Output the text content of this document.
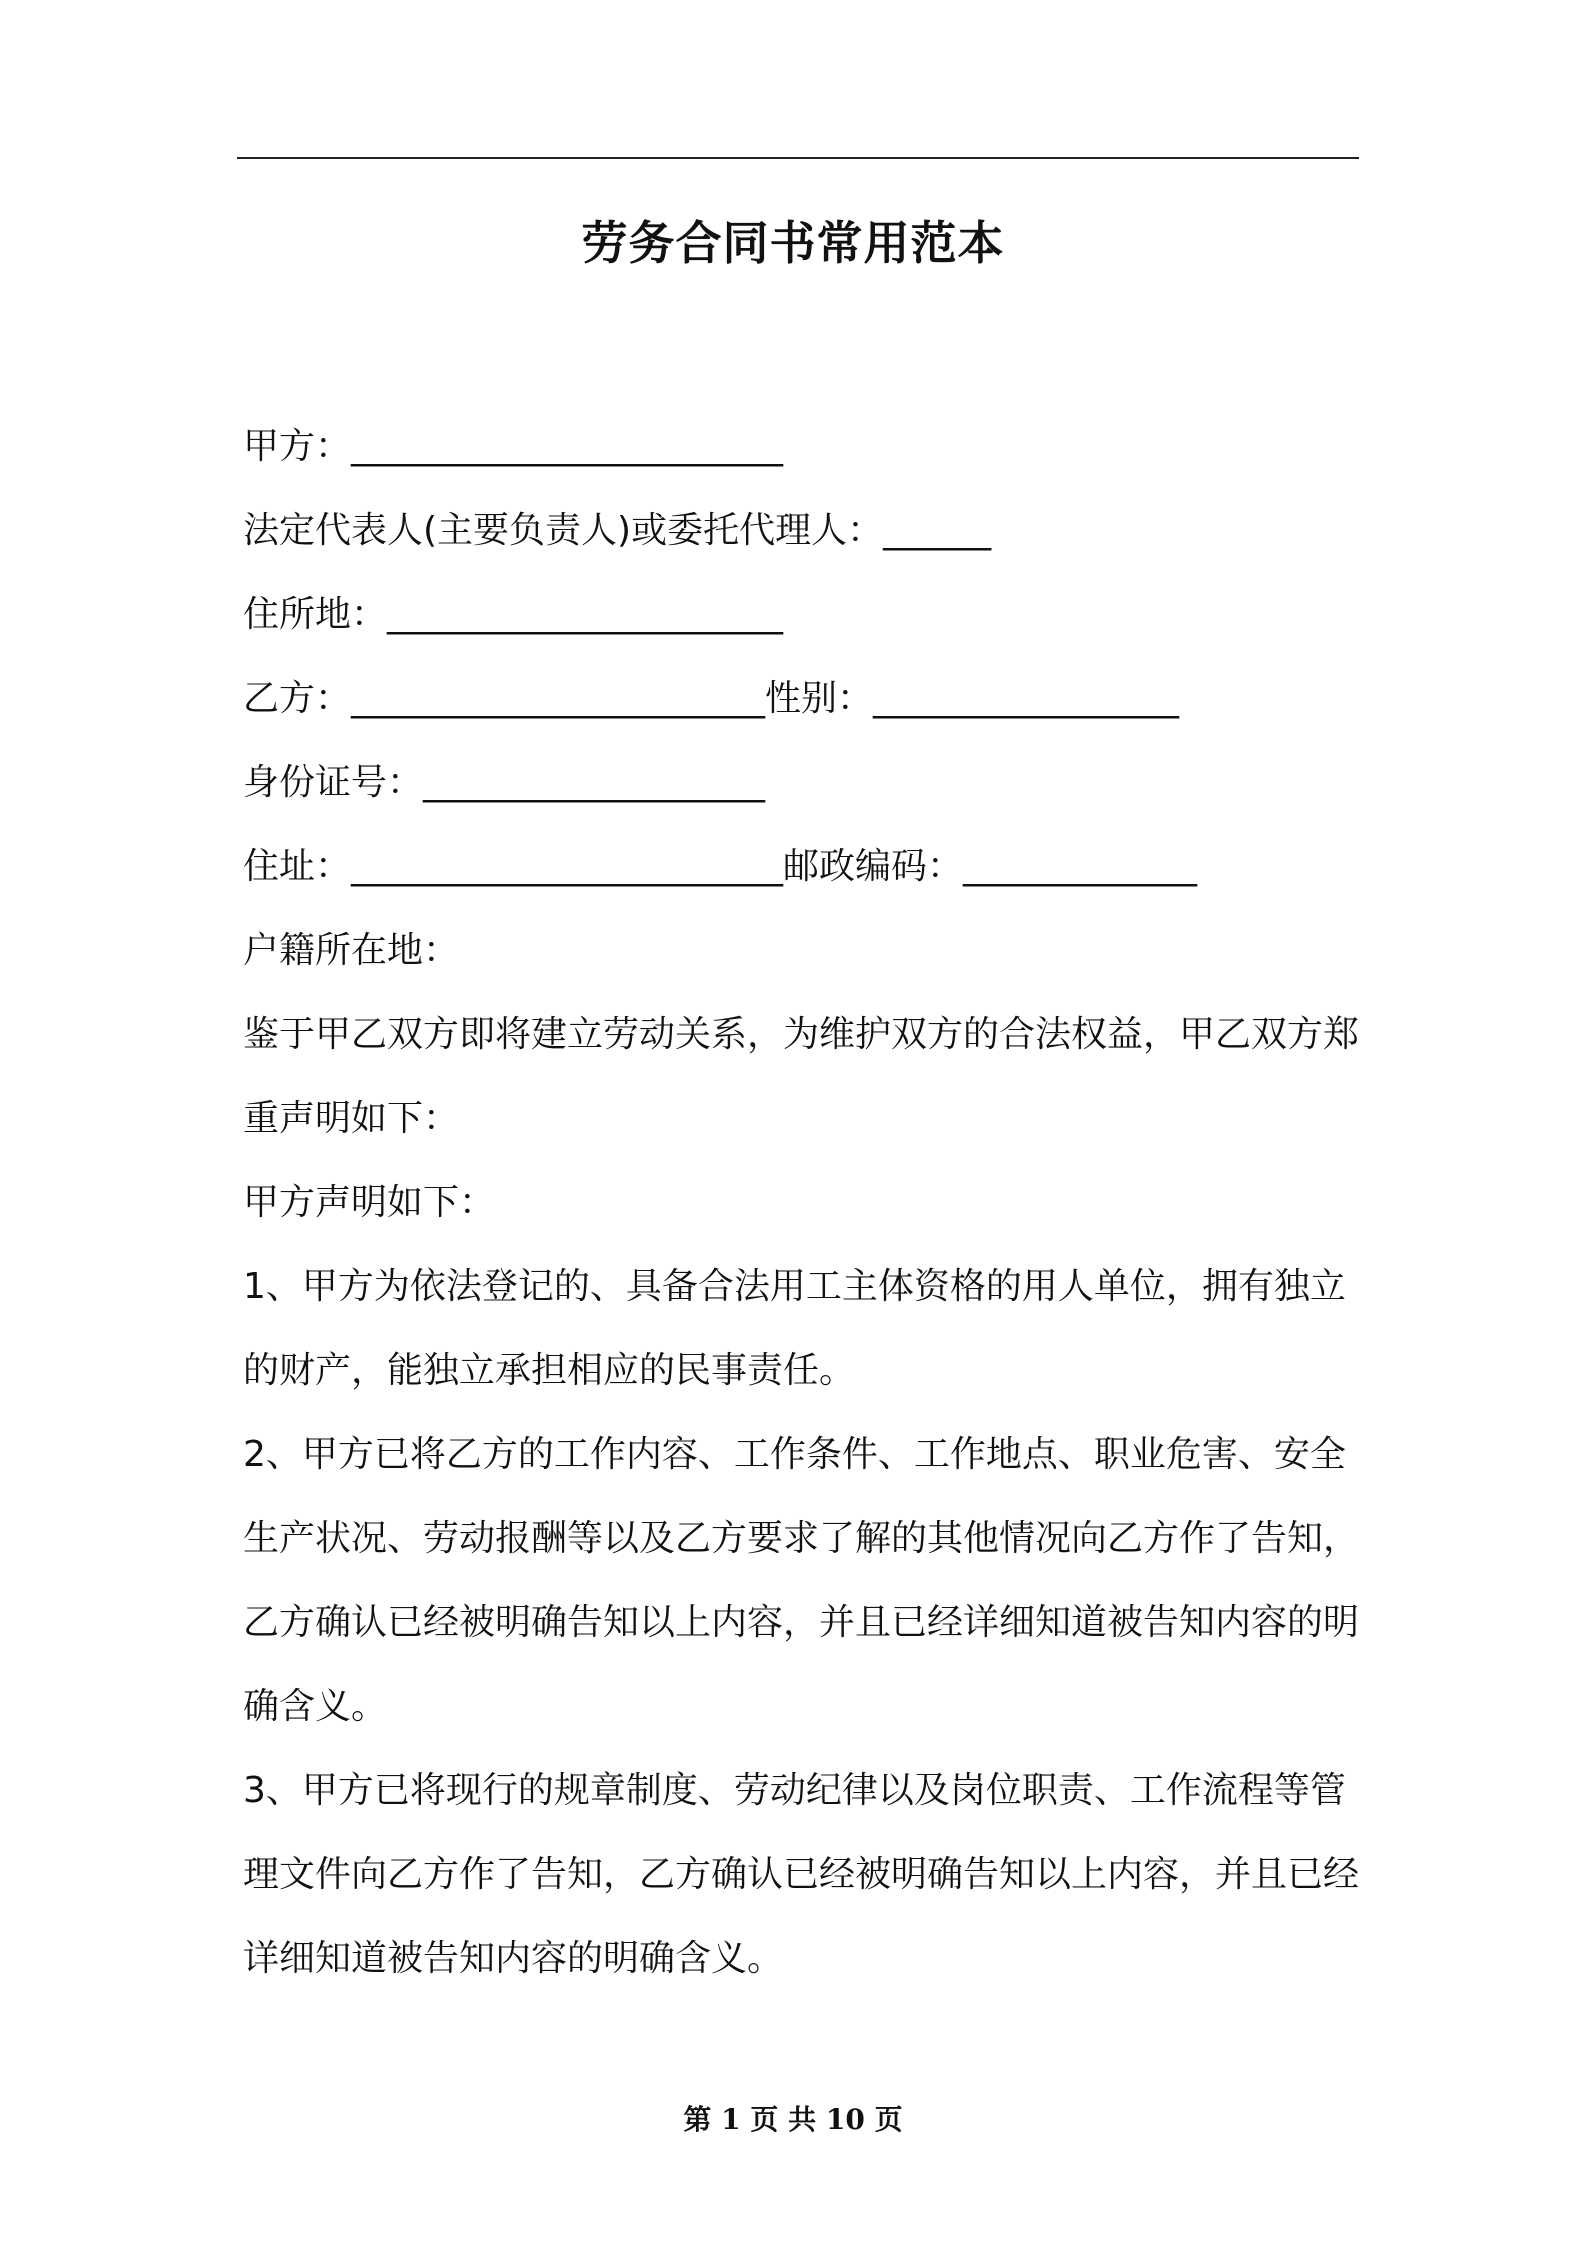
劳务合同书常用范本
甲方：________________________
法定代表人(主要负责人)或委托代理人：______
住所地：______________________
乙方：_______________________性别：_________________
身份证号：___________________
住址：________________________邮政编码：_____________
户籍所在地：
鉴于甲乙双方即将建立劳动关系，为维护双方的合法权益，甲乙双方郑重声明如下：
甲方声明如下：
1、甲方为依法登记的、具备合法用工主体资格的用人单位，拥有独立的财产，能独立承担相应的民事责任。
2、甲方已将乙方的工作内容、工作条件、工作地点、职业危害、安全生产状况、劳动报酬等以及乙方要求了解的其他情况向乙方作了告知，乙方确认已经被明确告知以上内容，并且已经详细知道被告知内容的明确含义。
3、甲方已将现行的规章制度、劳动纪律以及岗位职责、工作流程等管理文件向乙方作了告知，乙方确认已经被明确告知以上内容，并且已经详细知道被告知内容的明确含义。
第 1 页 共 10 页
